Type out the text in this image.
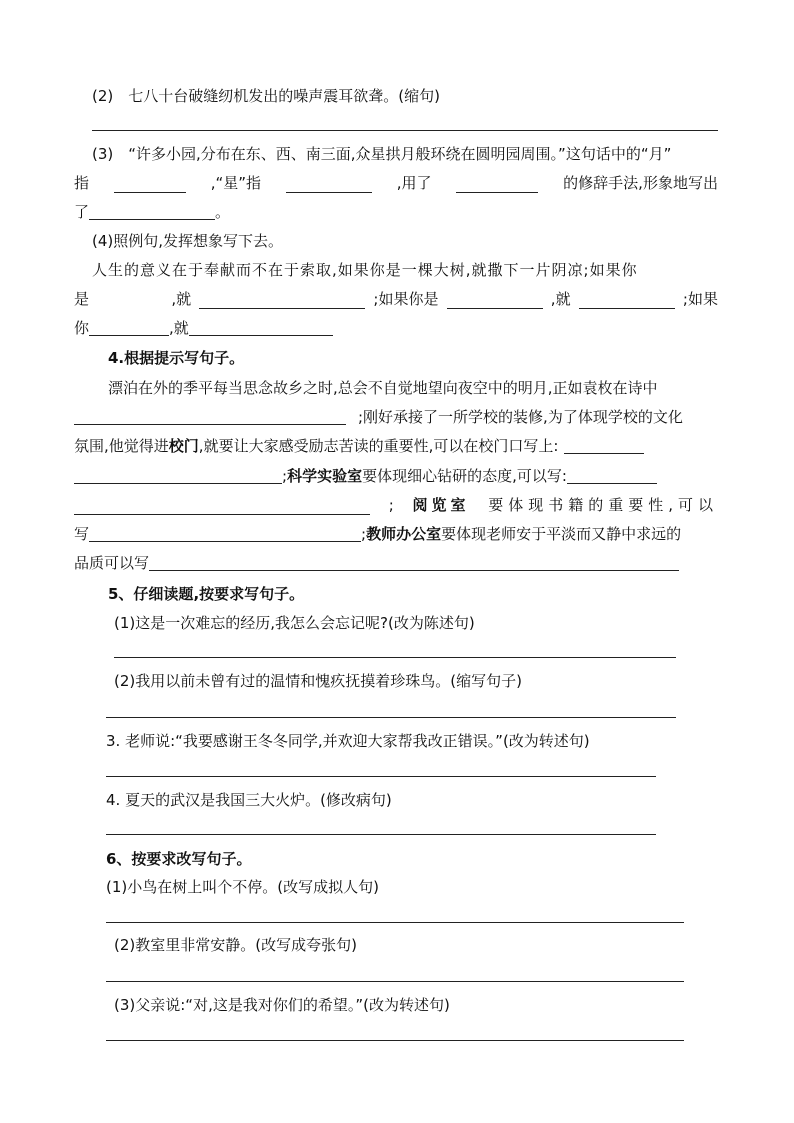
(2)　七八十台破缝纫机发出的噪声震耳欲聋。(缩句)
(3)　“许多小园,分布在东、西、南三面,众星拱月般环绕在圆明园周围。”这句话中的“月”
指	,“星”指	,用了	的修辞手法,形象地写出
了	。
(4)照例句,发挥想象写下去。
人生的意义在于奉献而不在于索取,如果你是一棵大树,就撒下一片阴凉;如果你
是	,就	;如果你是	,就	;如果
你	,就
4.根据提示写句子。
漂泊在外的季平每当思念故乡之时,总会不自觉地望向夜空中的明月,正如袁枚在诗中
;刚好承接了一所学校的装修,为了体现学校的文化
氛围,他觉得进校门,就要让大家感受励志苦读的重要性,可以在校门口写上:
;科学实验室要体现细心钻研的态度,可以写:
; 阅览室 要体现书籍的重要性,可以
写	;教师办公室要体现老师安于平淡而又静中求远的
品质可以写
5、仔细读题,按要求写句子。
(1)这是一次难忘的经历,我怎么会忘记呢?(改为陈述句)
(2)我用以前未曾有过的温情和愧疚抚摸着珍珠鸟。(缩写句子)
3. 老师说:“我要感谢王冬冬同学,并欢迎大家帮我改正错误。”(改为转述句)
4. 夏天的武汉是我国三大火炉。(修改病句)
6、按要求改写句子。
(1)小鸟在树上叫个不停。(改写成拟人句)
(2)教室里非常安静。(改写成夸张句)
(3)父亲说:“对,这是我对你们的希望。”(改为转述句)
